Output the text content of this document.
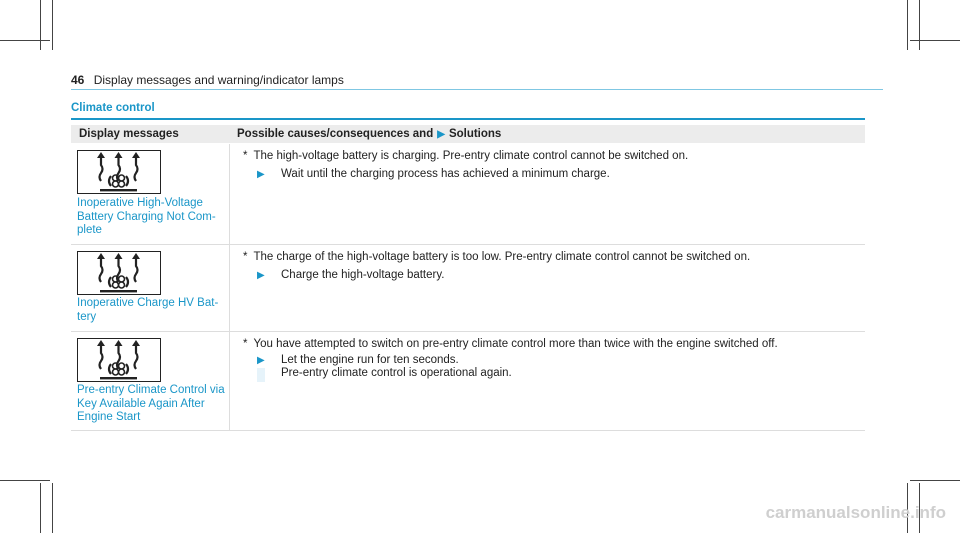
46 Display messages and warning/indicator lamps
Climate control
Display messages	Possible causes/consequences and ▶ Solutions
Inoperative High-Voltage Battery Charging Not Com-plete
* The high-voltage battery is charging. Pre-entry climate control cannot be switched on.
▶ Wait until the charging process has achieved a minimum charge.
Inoperative Charge HV Bat-tery
* The charge of the high-voltage battery is too low. Pre-entry climate control cannot be switched on.
▶ Charge the high-voltage battery.
Pre-entry Climate Control via Key Available Again After Engine Start
* You have attempted to switch on pre-entry climate control more than twice with the engine switched off.
▶ Let the engine run for ten seconds.
Pre-entry climate control is operational again.
carmanualsonline.info
